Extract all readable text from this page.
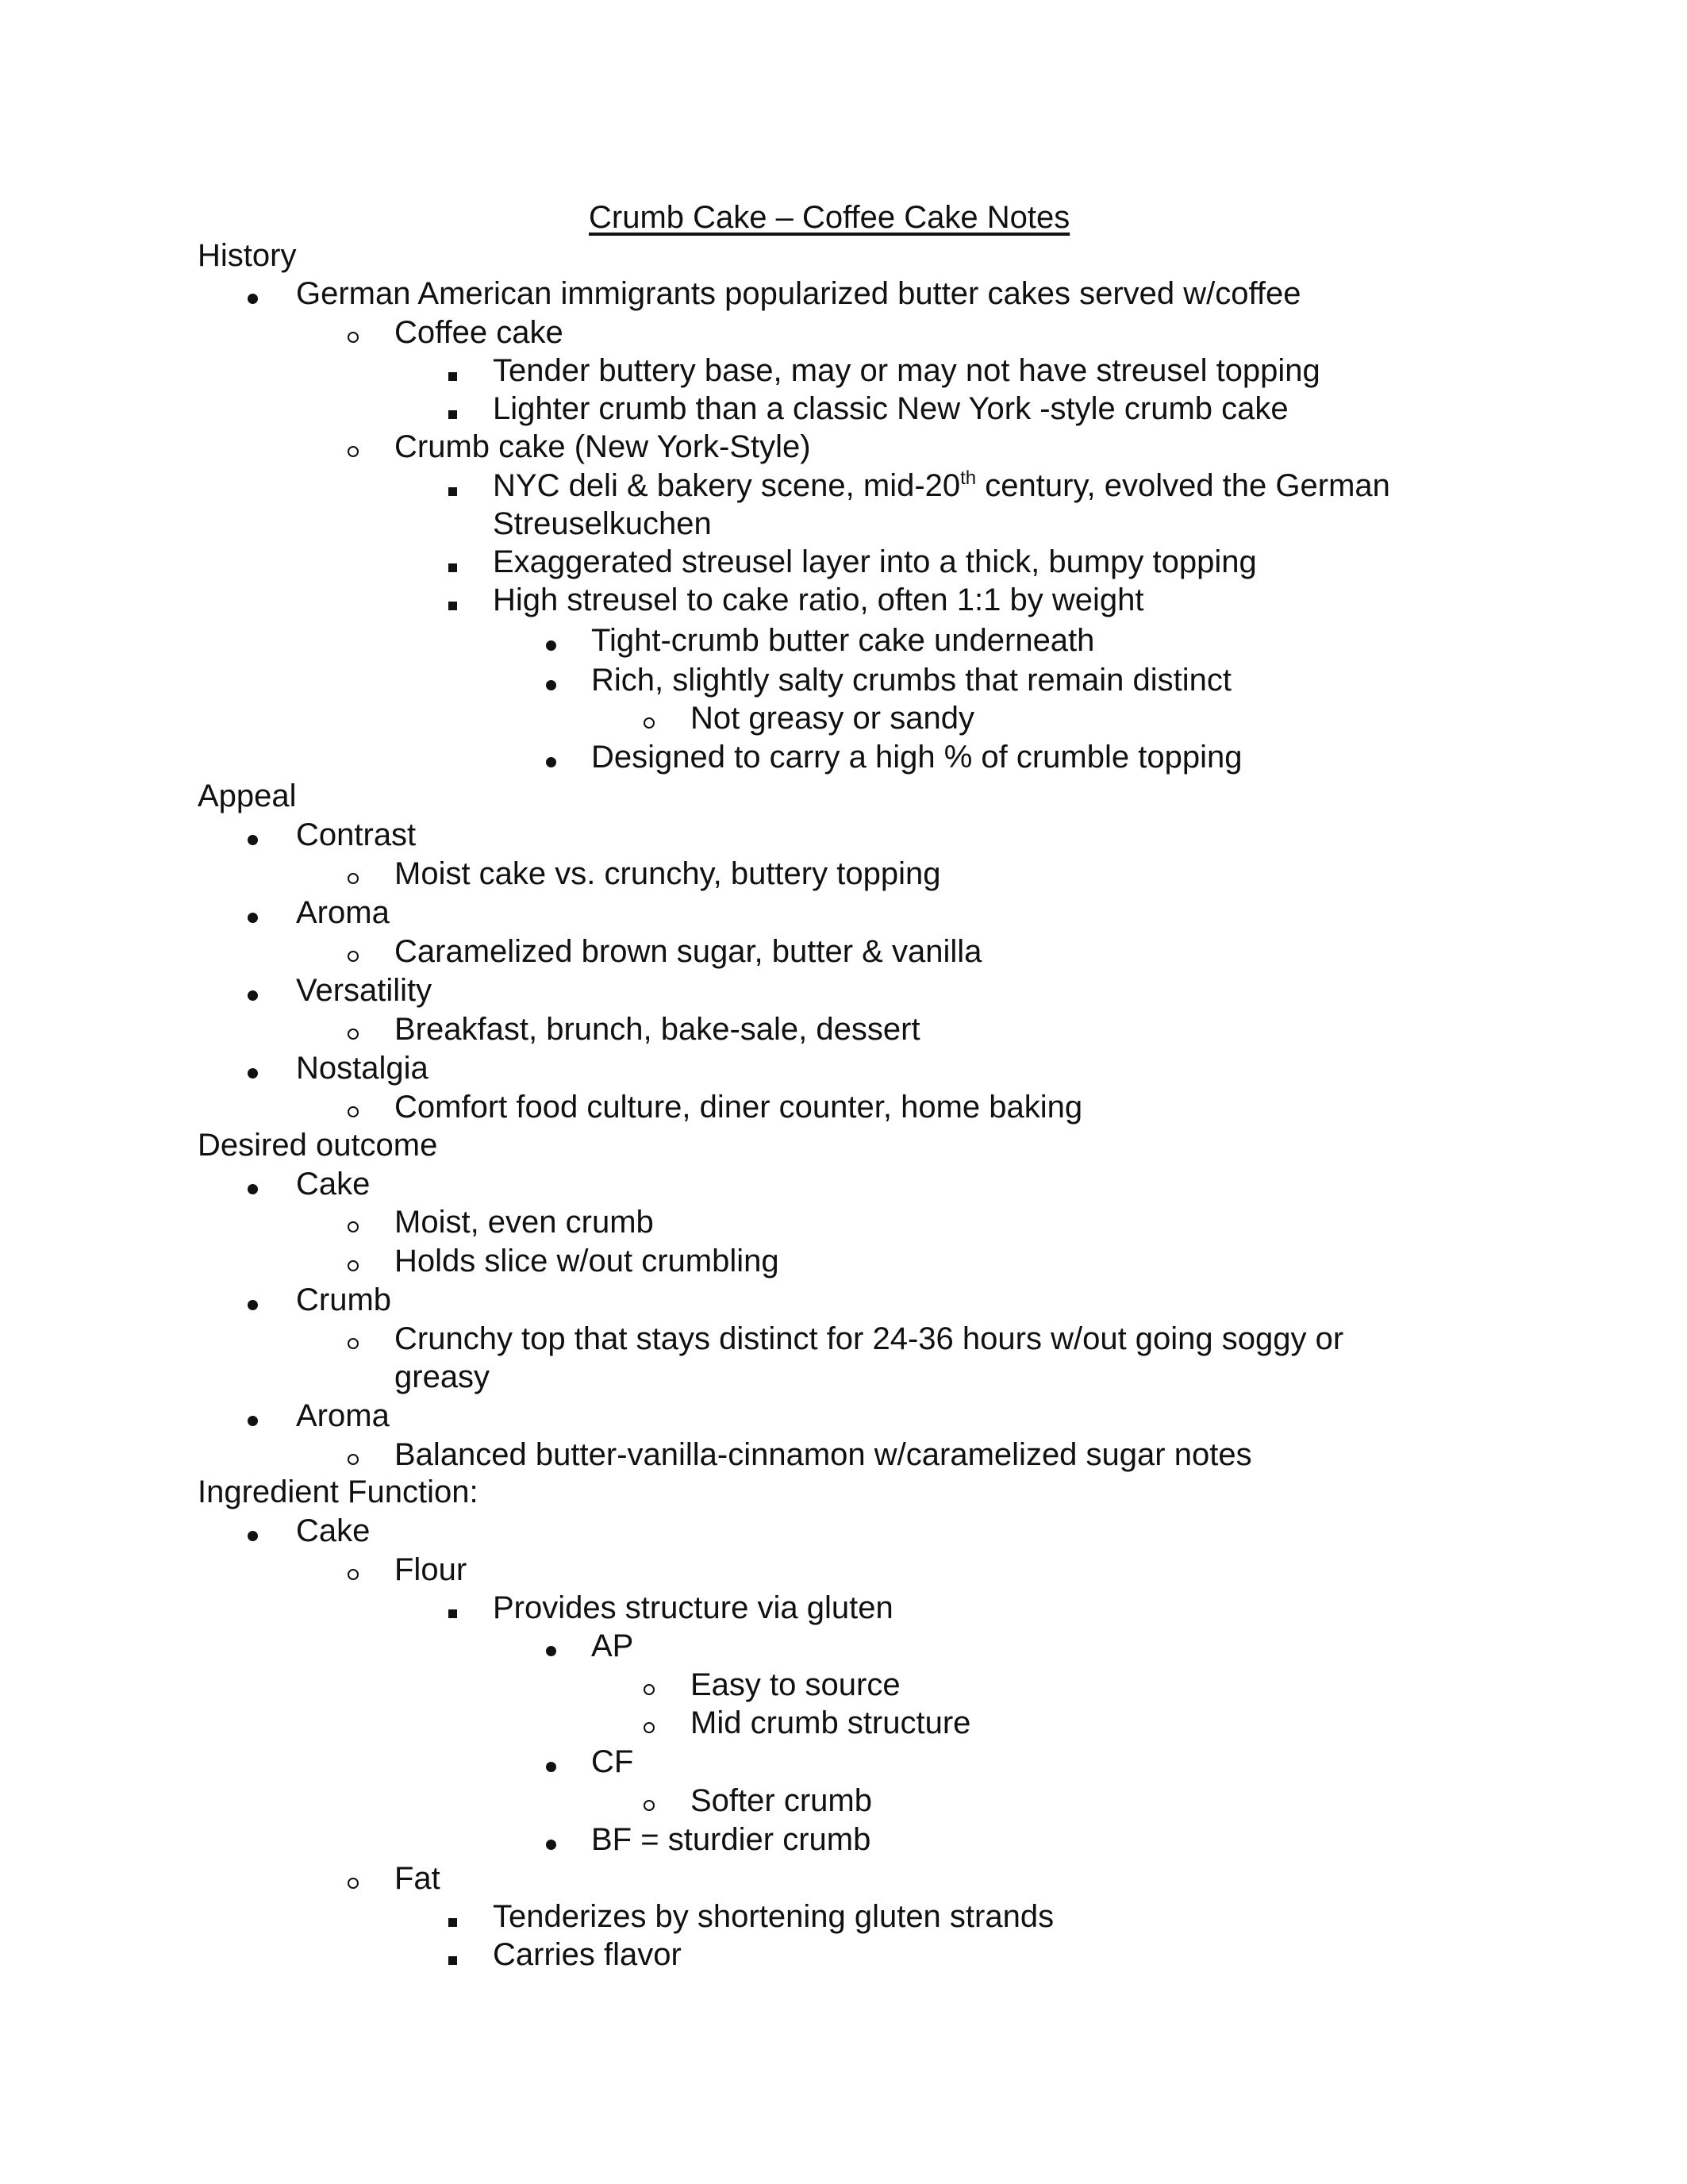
Crumb Cake – Coffee Cake Notes
History
German American immigrants popularized butter cakes served w/coffee
Coffee cake
Tender buttery base, may or may not have streusel topping
Lighter crumb than a classic New York -style crumb cake
Crumb cake (New York-Style)
NYC deli & bakery scene, mid-20th century, evolved the German
Streuselkuchen
Exaggerated streusel layer into a thick, bumpy topping
High streusel to cake ratio, often 1:1 by weight
Tight-crumb butter cake underneath
Rich, slightly salty crumbs that remain distinct
Not greasy or sandy
Designed to carry a high % of crumble topping
Appeal
Contrast
Moist cake vs. crunchy, buttery topping
Aroma
Caramelized brown sugar, butter & vanilla
Versatility
Breakfast, brunch, bake-sale, dessert
Nostalgia
Comfort food culture, diner counter, home baking
Desired outcome
Cake
Moist, even crumb
Holds slice w/out crumbling
Crumb
Crunchy top that stays distinct for 24-36 hours w/out going soggy or
greasy
Aroma
Balanced butter-vanilla-cinnamon w/caramelized sugar notes
Ingredient Function:
Cake
Flour
Provides structure via gluten
AP
Easy to source
Mid crumb structure
CF
Softer crumb
BF = sturdier crumb
Fat
Tenderizes by shortening gluten strands
Carries flavor
